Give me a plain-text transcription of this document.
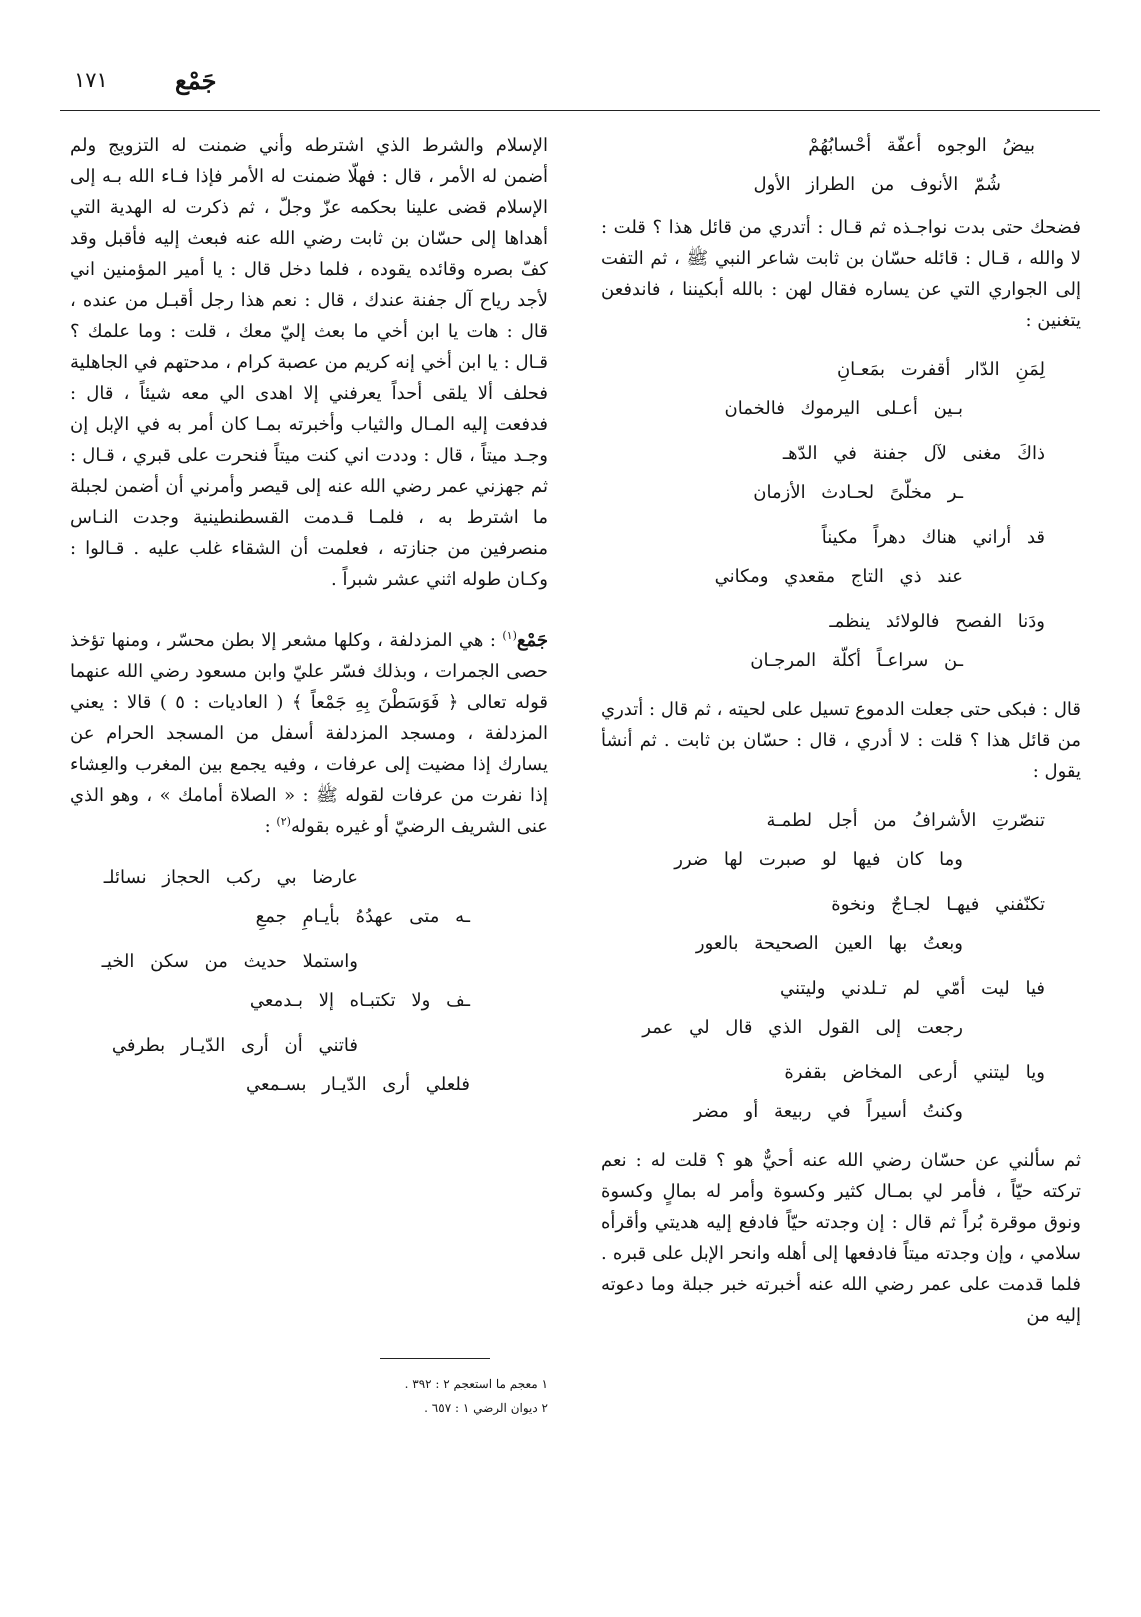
١٧١	جَمْع

بيضُ الوجوه أعفّة أحْسابُهُمْ

شُمّ الأنوف من الطراز الأول

فضحك حتى بدت نواجـذه ثم قـال : أتدري من قائل هذا ؟ قلت : لا والله ، قـال : قائله حسّان بن ثابت شاعر النبي ﷺ ، ثم التفت إلى الجواري التي عن يساره فقال لهن : بالله أبكيننا ، فاندفعن يتغنين :

لِمَنِ الدّار أقفرت بمَعـانِ

بـين أعـلى اليرموك فالخمان

ذاكَ مغنى لآل جفنة في الدّهـ

ـر مخلّىً لحـادث الأزمان

قد أراني هناك دهراً مكيناً

عند ذي التاج مقعدي ومكاني

ودَنا الفصح فالولائد ينظمـ

ـن سراعـاً أكلّة المرجـان

قال : فبكى حتى جعلت الدموع تسيل على لحيته ، ثم قال : أتدري من قائل هذا ؟ قلت : لا أدري ، قال : حسّان بن ثابت . ثم أنشأ يقول :

تنصّرتِ الأشرافُ من أجل لطمـة

وما كان فيها لو صبرت لها ضرر

تكنّفني فيهـا لجـاجٌ ونخوة

وبعتُ بها العين الصحيحة بالعور

فيا ليت أمّي لم تـلدني وليتني

رجعت إلى القول الذي قال لي عمر

ويا ليتني أرعى المخاض بقفرة

وكنتُ أسيراً في ربيعة أو مضر

ثم سألني عن حسّان رضي الله عنه أحيٌّ هو ؟ قلت له : نعم تركته حيّاً ، فأمر لي بمـال كثير وكسوة وأمر له بمالٍ وكسوة ونوق موقرة بُراً ثم قال : إن وجدته حيّاً فادفع إليه هديتي وأقرأه سلامي ، وإن وجدته ميتاً فادفعها إلى أهله وانحر الإبل على قبره . فلما قدمت على عمر رضي الله عنه أخبرته خبر جبلة وما دعوته إليه من

الإسلام والشرط الذي اشترطه وأني ضمنت له التزويج ولم أضمن له الأمر ، قال : فهلّا ضمنت له الأمر فإذا فـاء الله بـه إلى الإسلام قضى علينا بحكمه عزّ وجلّ ، ثم ذكرت له الهدية التي أهداها إلى حسّان بن ثابت رضي الله عنه فبعث إليه فأقبل وقد كفّ بصره وقائده يقوده ، فلما دخل قال : يا أمير المؤمنين اني لأجد رياح آل جفنة عندك ، قال : نعم هذا رجل أقبـل من عنده ، قال : هات يا ابن أخي ما بعث إليّ معك ، قلت : وما علمك ؟ قـال : يا ابن أخي إنه كريم من عصبة كرام ، مدحتهم في الجاهلية فحلف ألا يلقى أحداً يعرفني إلا اهدى الي معه شيئاً ، قال : فدفعت إليه المـال والثياب وأخبرته بمـا كان أمر به في الإبل إن وجـد ميتاً ، قال : وددت اني كنت ميتاً فنحرت على قبري ، قـال : ثم جهزني عمر رضي الله عنه إلى قيصر وأمرني أن أضمن لجبلة ما اشترط به ، فلمـا قـدمت القسطنطينية وجدت النـاس منصرفين من جنازته ، فعلمت أن الشقاء غلب عليه . قـالوا : وكـان طوله اثني عشر شبراً .

جَمْع$^{(١)}$ : هي المزدلفة ، وكلها مشعر إلا بطن محسّر ، ومنها تؤخذ حصى الجمرات ، وبذلك فسّر عليّ وابن مسعود رضي الله عنهما قوله تعالى ﴿ فَوَسَطْنَ بِهِ جَمْعاً ﴾ ( العاديات : ٥ ) قالا : يعني المزدلفة ، ومسجد المزدلفة أسفل من المسجد الحرام عن يسارك إذا مضيت إلى عرفات ، وفيه يجمع بين المغرب والعِشاء إذا نفرت من عرفات لقوله ﷺ : « الصلاة أمامك » ، وهو الذي عنى الشريف الرضيّ أو غيره بقوله$^{(٢)}$ :

عارضا بي ركب الحجاز نسائلـ

ـه متى عهدُهُ بأيـامِ جمعِ

واستملا حديث من سكن الخيـ

ـف ولا تكتبـاه إلا بـدمعي

فاتني أن أرى الدّيـار بطرفي

فلعلي أرى الدّيـار بسـمعي

١ معجم ما استعجم ٢ : ٣٩٢ .

٢ ديوان الرضي ١ : ٦٥٧ .
